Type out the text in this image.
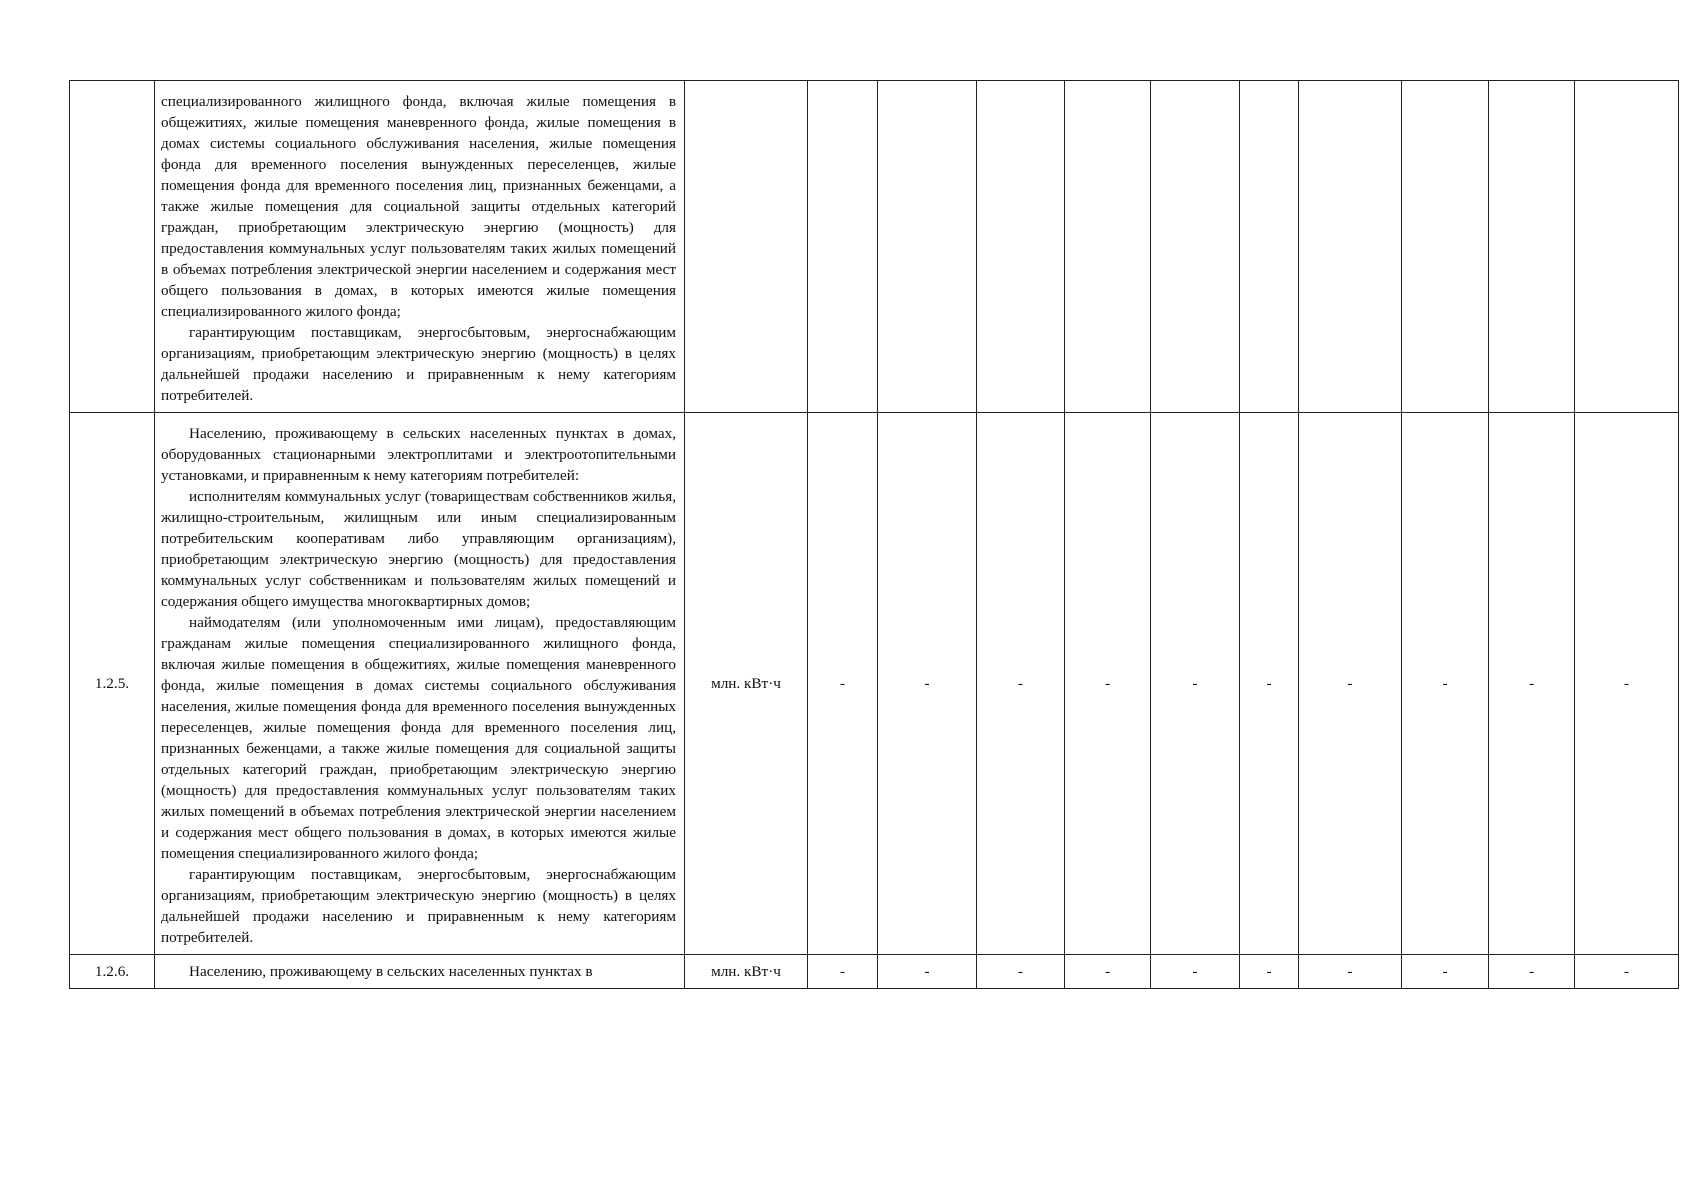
	специализированного жилищного фонда, включая жилые помещения в общежитиях, жилые помещения маневренного фонда, жилые помещения в домах системы социального обслуживания населения, жилые помещения фонда для временного поселения вынужденных переселенцев, жилые помещения фонда для временного поселения лиц, признанных беженцами, а также жилые помещения для социальной защиты отдельных категорий граждан, приобретающим электрическую энергию (мощность) для предоставления коммунальных услуг пользователям таких жилых помещений в объемах потребления электрической энергии населением и содержания мест общего пользования в домах, в которых имеются жилые помещения специализированного жилого фонда;

гарантирующим поставщикам, энергосбытовым, энергоснабжающим организациям, приобретающим электрическую энергию (мощность) в целях дальнейшей продажи населению и приравненным к нему категориям потребителей.											

1.2.5.	Населению, проживающему в сельских населенных пунктах в домах, оборудованных стационарными электроплитами и электроотопительными установками, и приравненным к нему категориям потребителей:

исполнителям коммунальных услуг (товариществам собственников жилья, жилищно-строительным, жилищным или иным специализированным потребительским кооперативам либо управляющим организациям), приобретающим электрическую энергию (мощность) для предоставления коммунальных услуг собственникам и пользователям жилых помещений и содержания общего имущества многоквартирных домов;

наймодателям (или уполномоченным ими лицам), предоставляющим гражданам жилые помещения специализированного жилищного фонда, включая жилые помещения в общежитиях, жилые помещения маневренного фонда, жилые помещения в домах системы социального обслуживания населения, жилые помещения фонда для временного поселения вынужденных переселенцев, жилые помещения фонда для временного поселения лиц, признанных беженцами, а также жилые помещения для социальной защиты отдельных категорий граждан, приобретающим электрическую энергию (мощность) для предоставления коммунальных услуг пользователям таких жилых помещений в объемах потребления электрической энергии населением и содержания мест общего пользования в домах, в которых имеются жилые помещения специализированного жилого фонда;

гарантирующим поставщикам, энергосбытовым, энергоснабжающим организациям, приобретающим электрическую энергию (мощность) в целях дальнейшей продажи населению и приравненным к нему категориям потребителей.	млн. кВт·ч	-	-	-	-	-	-	-	-	-	-
1.2.6.	Населению, проживающему в сельских населенных пунктах в	млн. кВт·ч	-	-	-	-	-	-	-	-	-	-
